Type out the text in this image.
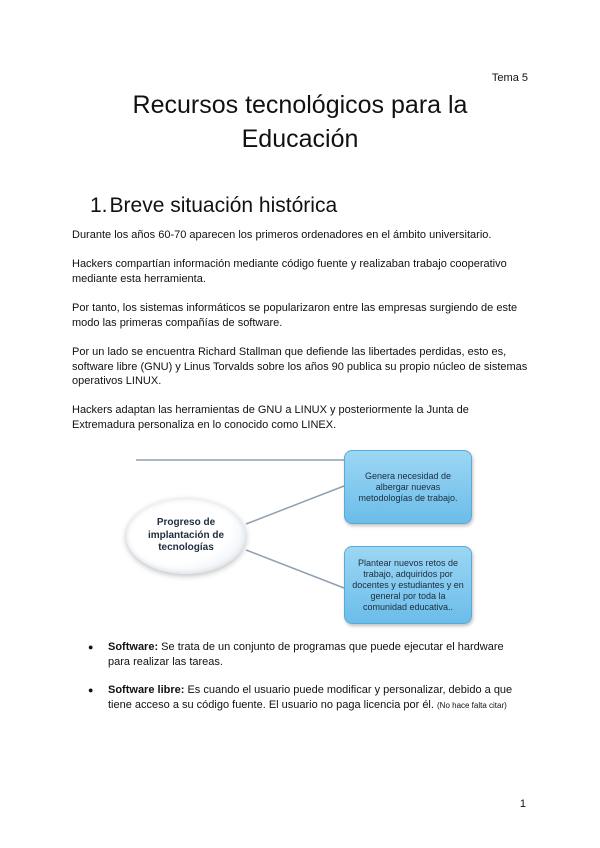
Tema 5
Recursos tecnológicos para la
Educación
1.Breve situación histórica

Durante los años 60-70 aparecen los primeros ordenadores en el ámbito universitario.

Hackers compartían información mediante código fuente y realizaban trabajo cooperativo mediante esta herramienta.

Por tanto, los sistemas informáticos se popularizaron entre las empresas surgiendo de este modo las primeras compañías de software.

Por un lado se encuentra Richard Stallman que defiende las libertades perdidas, esto es, software libre (GNU) y Linus Torvalds sobre los años 90 publica su propio núcleo de sistemas operativos LINUX.

Hackers adaptan las herramientas de GNU a LINUX y posteriormente la Junta de Extremadura personaliza en lo conocido como LINEX.

Progreso de implantación de tecnologías
Genera necesidad de albergar nuevas metodologías de trabajo.
Plantear nuevos retos de trabajo, adquiridos por docentes y estudiantes y en general por toda la comunidad educativa..
● Software: Se trata de un conjunto de programas que puede ejecutar el hardware para realizar las tareas.
● Software libre: Es cuando el usuario puede modificar y personalizar, debido a que tiene acceso a su código fuente. El usuario no paga licencia por él. (No hace falta citar)
1
